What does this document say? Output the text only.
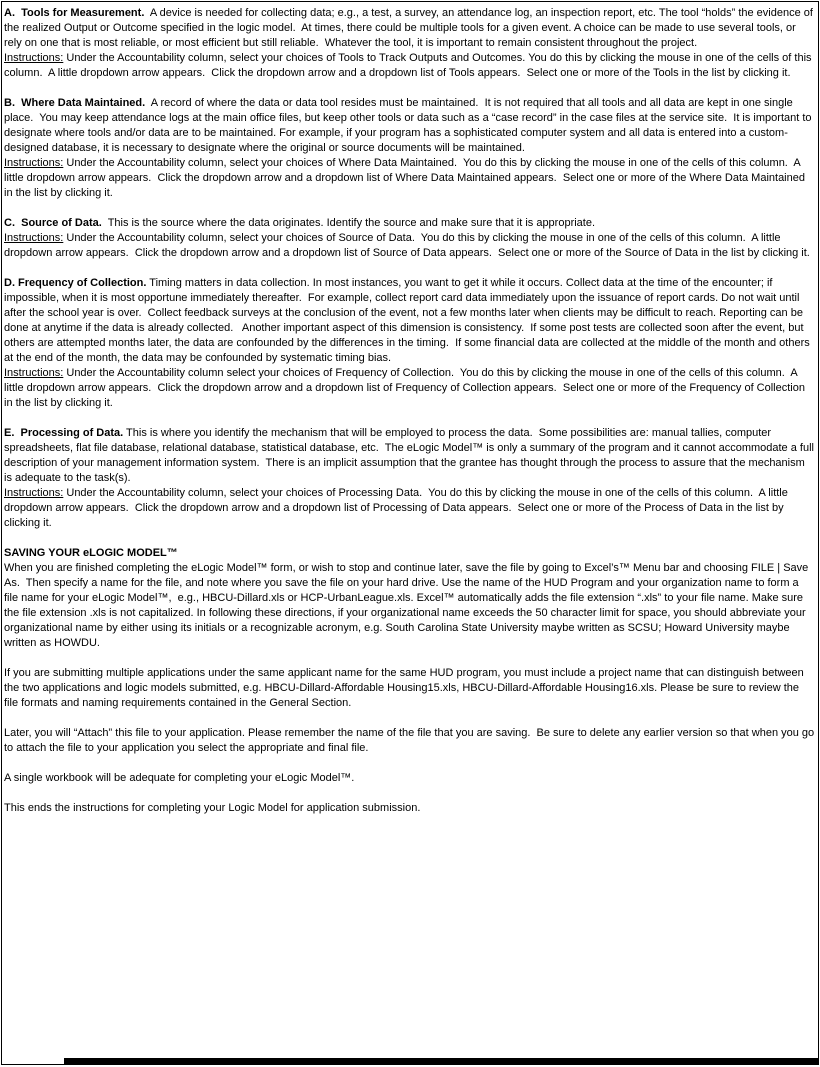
A.  Tools for Measurement.  A device is needed for collecting data; e.g., a test, a survey, an attendance log, an inspection report, etc. The tool “holds” the evidence of the realized Output or Outcome specified in the logic model.  At times, there could be multiple tools for a given event. A choice can be made to use several tools, or rely on one that is most reliable, or most efficient but still reliable.  Whatever the tool, it is important to remain consistent throughout the project.

Instructions: Under the Accountability column, select your choices of Tools to Track Outputs and Outcomes. You do this by clicking the mouse in one of the cells of this column.  A little dropdown arrow appears.  Click the dropdown arrow and a dropdown list of Tools appears.  Select one or more of the Tools in the list by clicking it.

B.  Where Data Maintained.  A record of where the data or data tool resides must be maintained.  It is not required that all tools and all data are kept in one single place.  You may keep attendance logs at the main office files, but keep other tools or data such as a “case record” in the case files at the service site.  It is important to designate where tools and/or data are to be maintained. For example, if your program has a sophisticated computer system and all data is entered into a custom-designed database, it is necessary to designate where the original or source documents will be maintained.

Instructions: Under the Accountability column, select your choices of Where Data Maintained.  You do this by clicking the mouse in one of the cells of this column.  A little dropdown arrow appears.  Click the dropdown arrow and a dropdown list of Where Data Maintained appears.  Select one or more of the Where Data Maintained in the list by clicking it.

C.  Source of Data.  This is the source where the data originates. Identify the source and make sure that it is appropriate.

Instructions: Under the Accountability column, select your choices of Source of Data.  You do this by clicking the mouse in one of the cells of this column.  A little dropdown arrow appears.  Click the dropdown arrow and a dropdown list of Source of Data appears.  Select one or more of the Source of Data in the list by clicking it.

D. Frequency of Collection. Timing matters in data collection. In most instances, you want to get it while it occurs. Collect data at the time of the encounter; if impossible, when it is most opportune immediately thereafter.  For example, collect report card data immediately upon the issuance of report cards. Do not wait until after the school year is over.  Collect feedback surveys at the conclusion of the event, not a few months later when clients may be difficult to reach. Reporting can be done at anytime if the data is already collected.   Another important aspect of this dimension is consistency.  If some post tests are collected soon after the event, but others are attempted months later, the data are confounded by the differences in the timing.  If some financial data are collected at the middle of the month and others at the end of the month, the data may be confounded by systematic timing bias.

Instructions: Under the Accountability column select your choices of Frequency of Collection.  You do this by clicking the mouse in one of the cells of this column.  A little dropdown arrow appears.  Click the dropdown arrow and a dropdown list of Frequency of Collection appears.  Select one or more of the Frequency of Collection in the list by clicking it.

E.  Processing of Data. This is where you identify the mechanism that will be employed to process the data.  Some possibilities are: manual tallies, computer spreadsheets, flat file database, relational database, statistical database, etc.  The eLogic Model™ is only a summary of the program and it cannot accommodate a full description of your management information system.  There is an implicit assumption that the grantee has thought through the process to assure that the mechanism is adequate to the task(s).

Instructions: Under the Accountability column, select your choices of Processing Data.  You do this by clicking the mouse in one of the cells of this column.  A little dropdown arrow appears.  Click the dropdown arrow and a dropdown list of Processing of Data appears.  Select one or more of the Process of Data in the list by clicking it.

SAVING YOUR eLOGIC MODEL™

When you are finished completing the eLogic Model™ form, or wish to stop and continue later, save the file by going to Excel’s™ Menu bar and choosing FILE | Save As.  Then specify a name for the file, and note where you save the file on your hard drive. Use the name of the HUD Program and your organization name to form a file name for your eLogic Model™,  e.g., HBCU-Dillard.xls or HCP-UrbanLeague.xls. Excel™ automatically adds the file extension “.xls” to your file name. Make sure the file extension .xls is not capitalized. In following these directions, if your organizational name exceeds the 50 character limit for space, you should abbreviate your organizational name by either using its initials or a recognizable acronym, e.g. South Carolina State University maybe written as SCSU; Howard University maybe written as HOWDU.

If you are submitting multiple applications under the same applicant name for the same HUD program, you must include a project name that can distinguish between the two applications and logic models submitted, e.g. HBCU-Dillard-Affordable Housing15.xls, HBCU-Dillard-Affordable Housing16.xls. Please be sure to review the file formats and naming requirements contained in the General Section.

Later, you will “Attach” this file to your application. Please remember the name of the file that you are saving.  Be sure to delete any earlier version so that when you go to attach the file to your application you select the appropriate and final file.

A single workbook will be adequate for completing your eLogic Model™.

This ends the instructions for completing your Logic Model for application submission.
